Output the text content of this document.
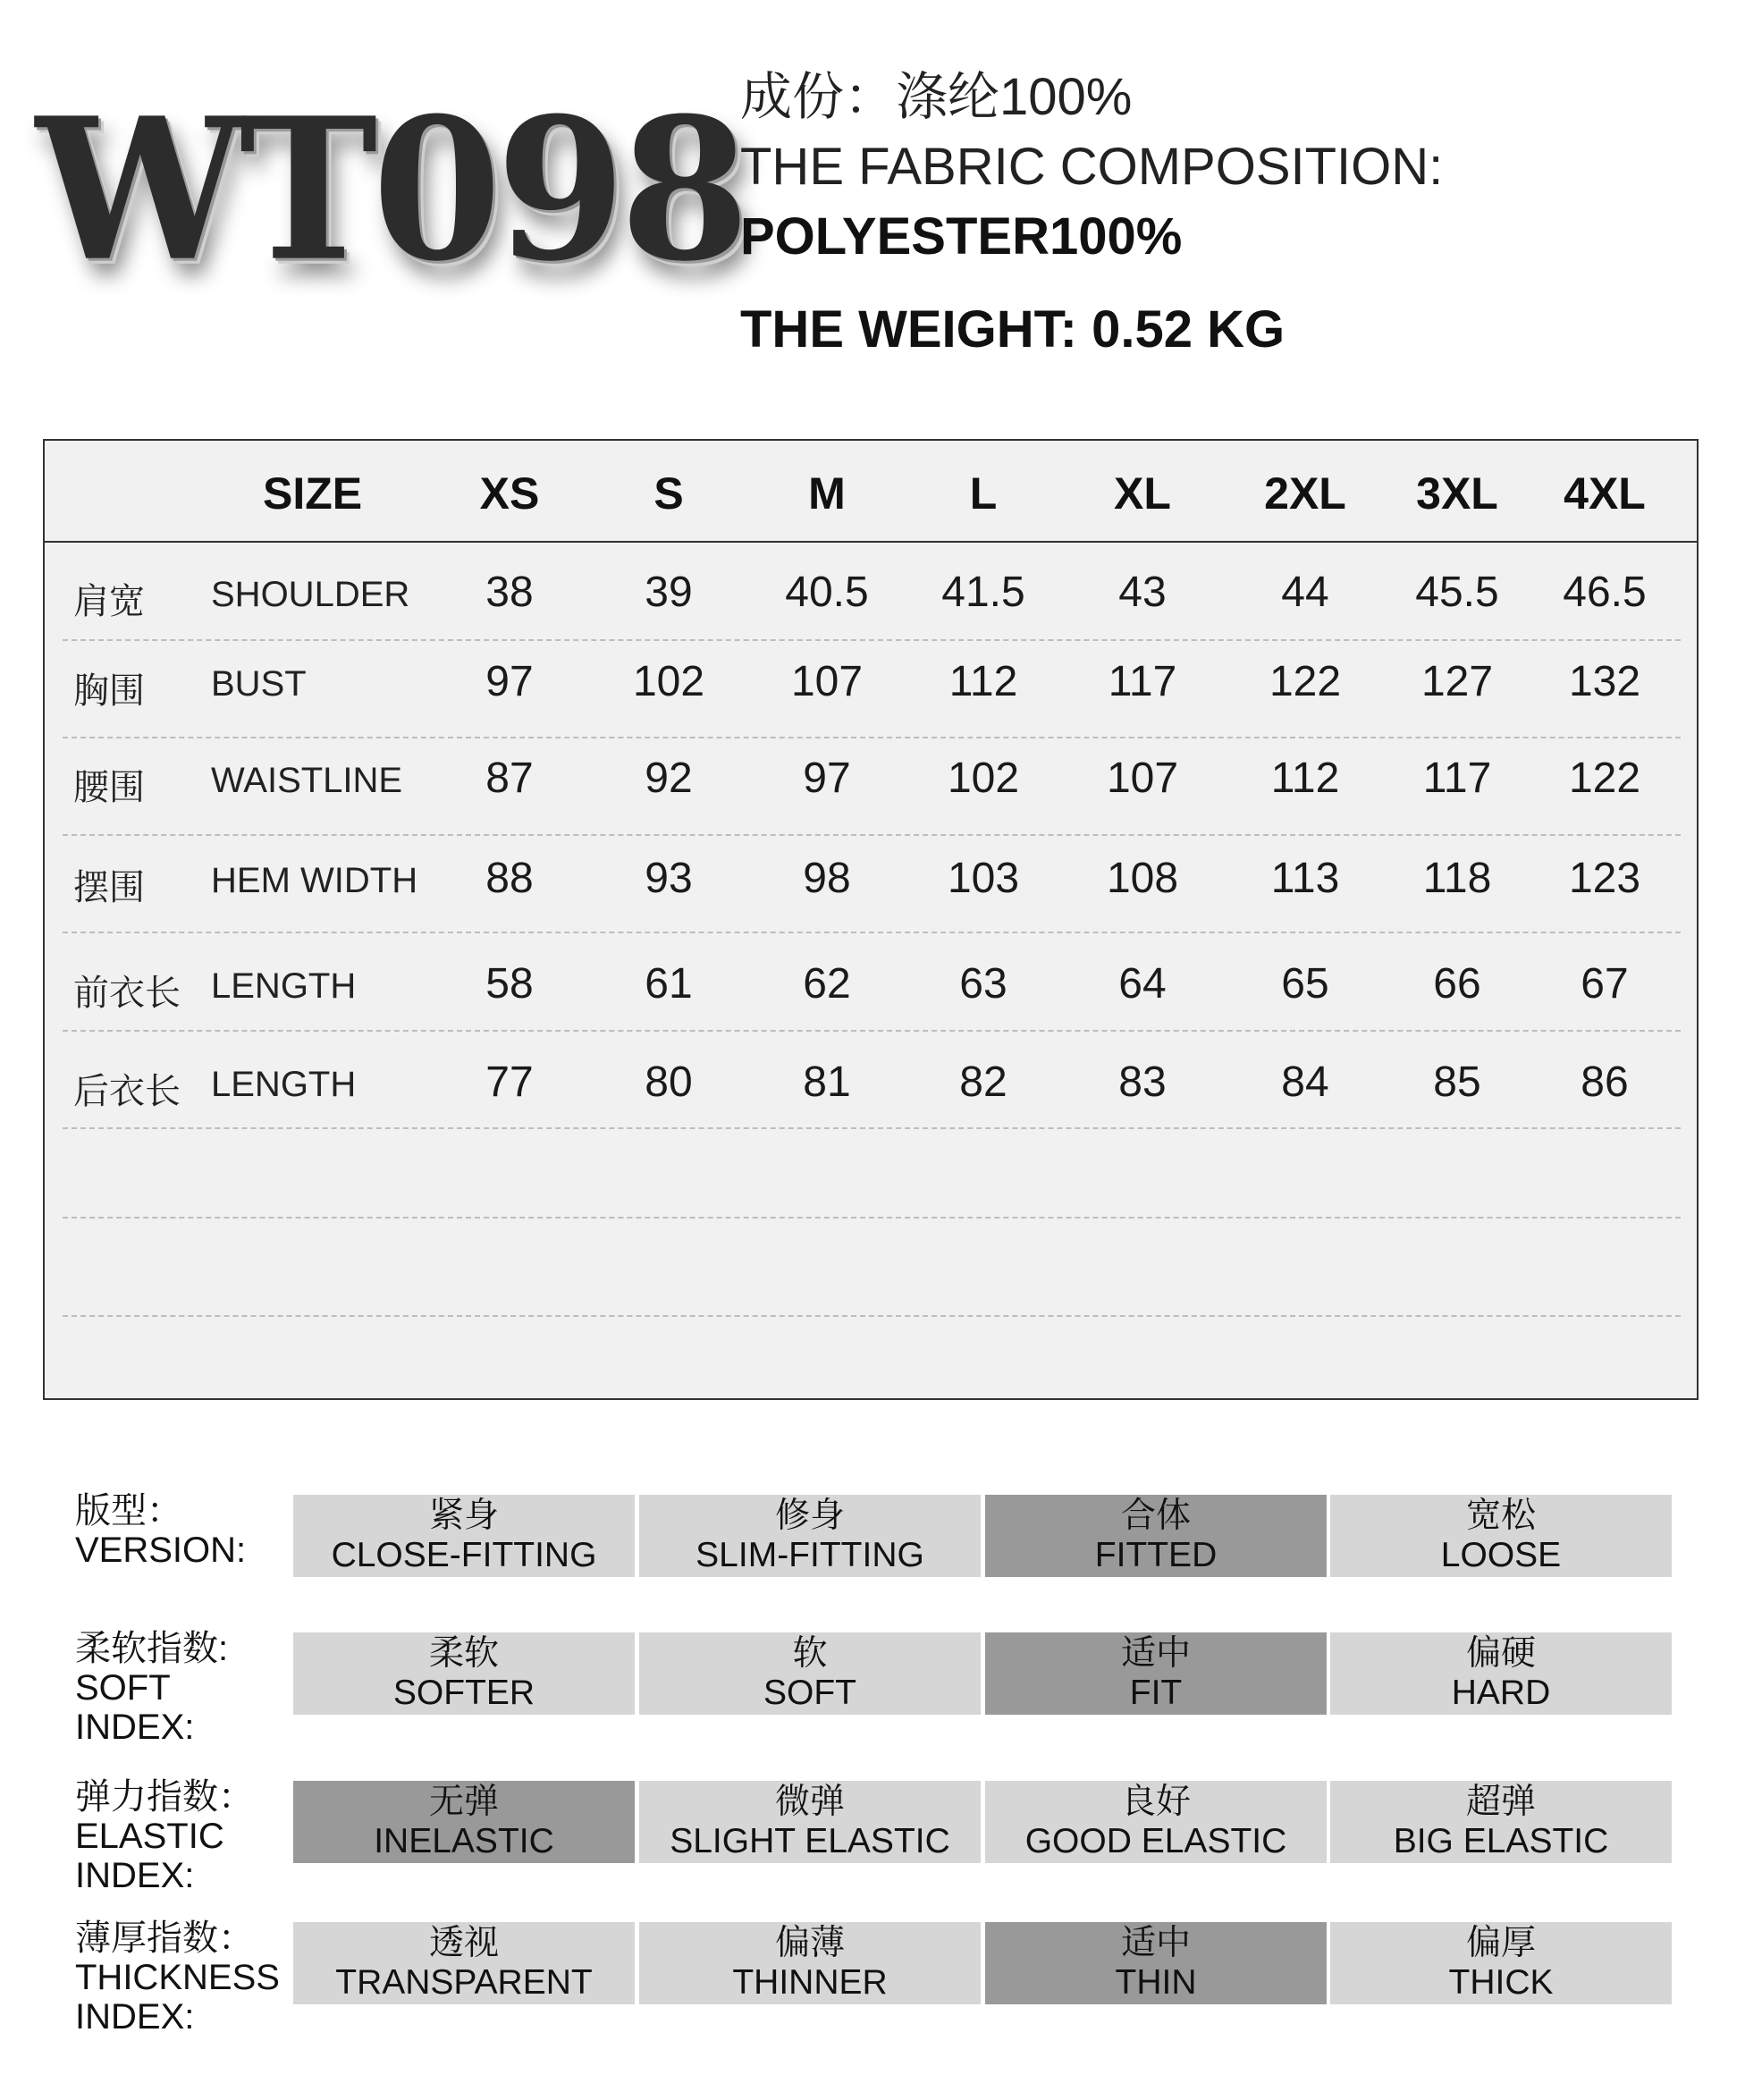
WT098
成份：涤纶100%
THE FABRIC COMPOSITION:
POLYESTER100%
THE WEIGHT: 0.52 KG
SIZE	XS	S	M	L	XL 2XL 3XL 4XL
肩宽 SHOULDER 38	39 40.5 41.5 43	44 45.5 46.5
胸围 BUST	97 102 107 112 117 122 127 132
腰围 WAISTLINE 87	92	97 102 107 112 117 122
摆围 HEM WIDTH 88	93	98 103 108 113 118 123
前衣长 LENGTH	58	61	62	63	64	65 66 67
后衣长 LENGTH	77	80	81	82	83	84 85 86
版型：
VERSION:
紧身
CLOSE-FITTING
修身
SLIM-FITTING
合体
FITTED
宽松
LOOSE
柔软指数:
SOFT
INDEX:
柔软
SOFTER
软
SOFT
适中
FIT
偏硬
HARD
弹力指数：
ELASTIC
INDEX:
无弹
INELASTIC
微弹
SLIGHT ELASTIC
良好
GOOD ELASTIC
超弹
BIG ELASTIC
薄厚指数：
THICKNESS
INDEX:
透视
TRANSPARENT
偏薄
THINNER
适中
THIN
偏厚
THICK
